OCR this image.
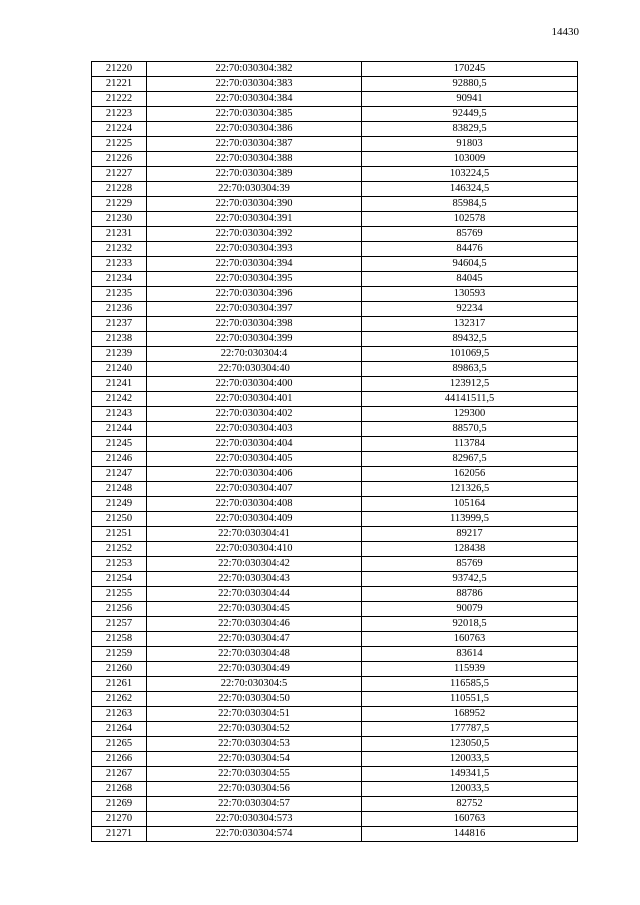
14430
21220	22:70:030304:382	170245
21221	22:70:030304:383	92880,5
21222	22:70:030304:384	90941
21223	22:70:030304:385	92449,5
21224	22:70:030304:386	83829,5
21225	22:70:030304:387	91803
21226	22:70:030304:388	103009
21227	22:70:030304:389	103224,5
21228	22:70:030304:39	146324,5
21229	22:70:030304:390	85984,5
21230	22:70:030304:391	102578
21231	22:70:030304:392	85769
21232	22:70:030304:393	84476
21233	22:70:030304:394	94604,5
21234	22:70:030304:395	84045
21235	22:70:030304:396	130593
21236	22:70:030304:397	92234
21237	22:70:030304:398	132317
21238	22:70:030304:399	89432,5
21239	22:70:030304:4	101069,5
21240	22:70:030304:40	89863,5
21241	22:70:030304:400	123912,5
21242	22:70:030304:401	44141511,5
21243	22:70:030304:402	129300
21244	22:70:030304:403	88570,5
21245	22:70:030304:404	113784
21246	22:70:030304:405	82967,5
21247	22:70:030304:406	162056
21248	22:70:030304:407	121326,5
21249	22:70:030304:408	105164
21250	22:70:030304:409	113999,5
21251	22:70:030304:41	89217
21252	22:70:030304:410	128438
21253	22:70:030304:42	85769
21254	22:70:030304:43	93742,5
21255	22:70:030304:44	88786
21256	22:70:030304:45	90079
21257	22:70:030304:46	92018,5
21258	22:70:030304:47	160763
21259	22:70:030304:48	83614
21260	22:70:030304:49	115939
21261	22:70:030304:5	116585,5
21262	22:70:030304:50	110551,5
21263	22:70:030304:51	168952
21264	22:70:030304:52	177787,5
21265	22:70:030304:53	123050,5
21266	22:70:030304:54	120033,5
21267	22:70:030304:55	149341,5
21268	22:70:030304:56	120033,5
21269	22:70:030304:57	82752
21270	22:70:030304:573	160763
21271	22:70:030304:574	144816
